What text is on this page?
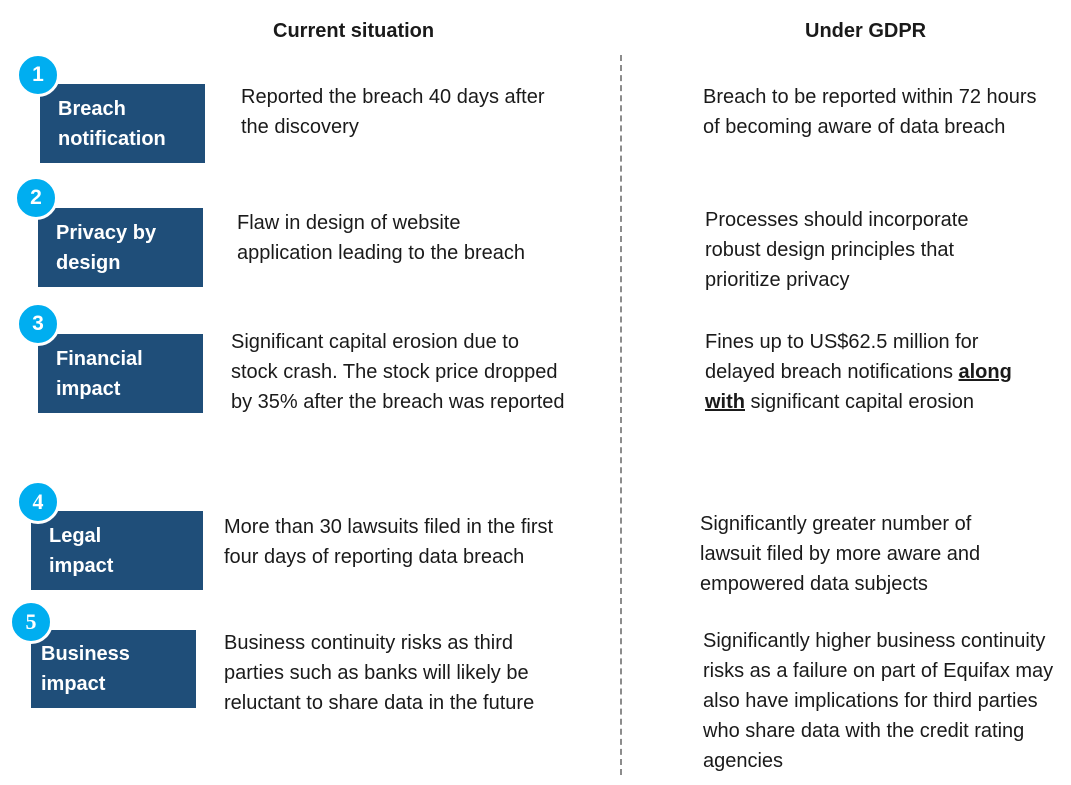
Current situation	Under GDPR
Breach
notification
1

Reported the breach 40 days after the discovery

Breach to be reported within 72 hours of becoming aware of data breach

Privacy by
design
2

Flaw in design of website application leading to the breach

Processes should incorporate robust design principles that prioritize privacy

Financial
impact
3

Significant capital erosion due to stock crash. The stock price dropped by 35% after the breach was reported

Fines up to US$62.5 million for delayed breach notifications along with significant capital erosion

Legal
impact
4

More than 30 lawsuits filed in the first four days of reporting data breach

Significantly greater number of lawsuit filed by more aware and empowered data subjects

Business
impact
5

Business continuity risks as third parties such as banks will likely be reluctant to share data in the future

Significantly higher business continuity risks as a failure on part of Equifax may also have implications for third parties who share data with the credit rating agencies
